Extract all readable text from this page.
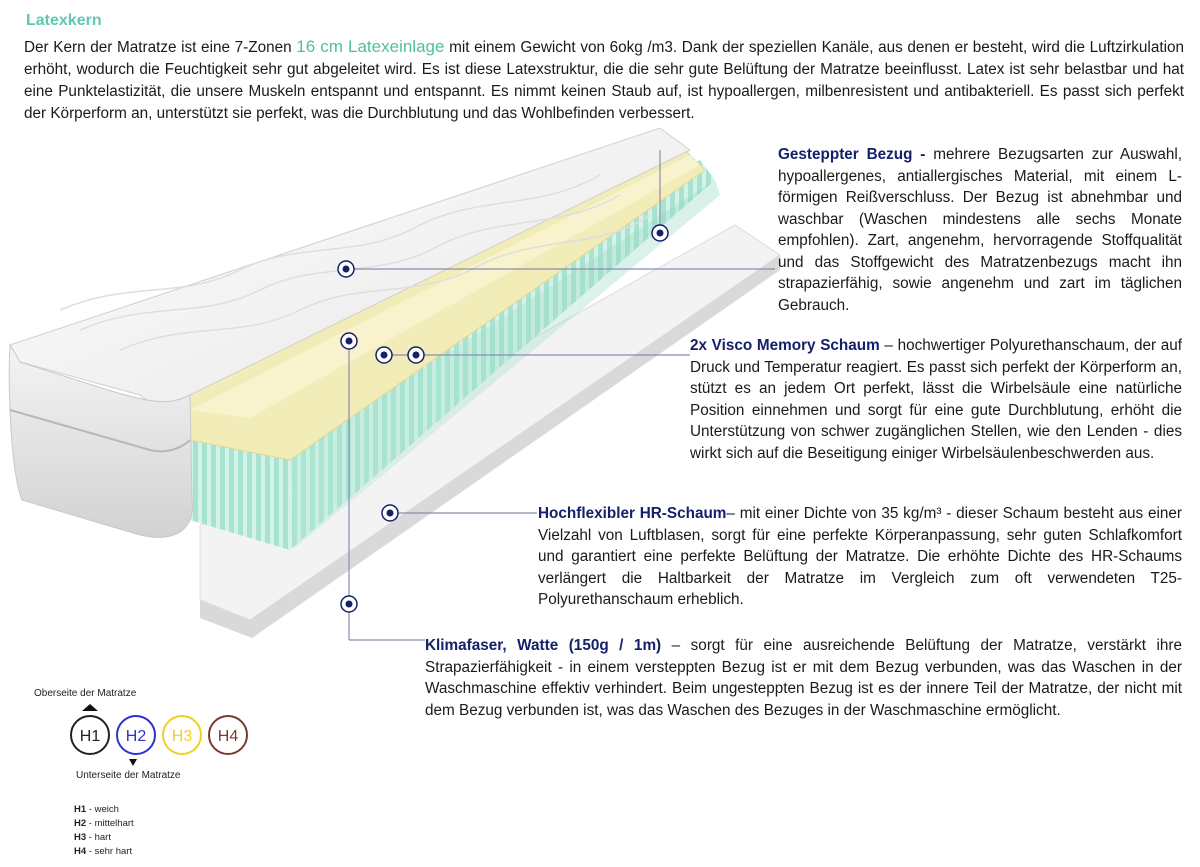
Latexkern

Der Kern der Matratze ist eine 7-Zonen 16 cm Latexeinlage mit einem Gewicht von 6okg /m3. Dank der speziellen Kanäle, aus denen er besteht, wird die Luftzirkulation erhöht, wodurch die Feuchtigkeit sehr gut abgeleitet wird. Es ist diese Latexstruktur, die die sehr gute Belüftung der Matratze beeinflusst. Latex ist sehr belastbar und hat eine Punktelastizität, die unsere Muskeln entspannt und entspannt. Es nimmt keinen Staub auf, ist hypoallergen, milbenresistent und antibakteriell. Es passt sich perfekt der Körperform an, unterstützt sie perfekt, was die Durchblutung und das Wohlbefinden verbessert.

Gesteppter Bezug - mehrere Bezugsarten zur Auswahl, hypoallergenes, antiallergisches Material, mit einem L-förmigen Reißverschluss. Der Bezug ist abnehmbar und waschbar (Waschen mindestens alle sechs Monate empfohlen). Zart, angenehm, hervorragende Stoffqualität und das Stoffgewicht des Matratzenbezugs macht ihn strapazierfähig, sowie angenehm und zart im täglichen Gebrauch.

2x Visco Memory Schaum – hochwertiger Polyurethanschaum, der auf Druck und Temperatur reagiert. Es passt sich perfekt der Körperform an, stützt es an jedem Ort perfekt, lässt die Wirbelsäule eine natürliche Position einnehmen und sorgt für eine gute Durchblutung, erhöht die Unterstützung von schwer zugänglichen Stellen, wie den Lenden - dies wirkt sich auf die Beseitigung einiger Wirbelsäulenbeschwerden aus.

Hochflexibler HR-Schaum– mit einer Dichte von 35 kg/m³ - dieser Schaum besteht aus einer Vielzahl von Luftblasen, sorgt für eine perfekte Körperanpassung, sehr guten Schlafkomfort und garantiert eine perfekte Belüftung der Matratze. Die erhöhte Dichte des HR-Schaums verlängert die Haltbarkeit der Matratze im Vergleich zum oft verwendeten T25-Polyurethanschaum erheblich.

Klimafaser, Watte (150g / 1m) – sorgt für eine ausreichende Belüftung der Matratze, verstärkt ihre Strapazierfähigkeit - in einem versteppten Bezug ist er mit dem Bezug verbunden, was das Waschen in der Waschmaschine effektiv verhindert. Beim ungesteppten Bezug ist es der innere Teil der Matratze, der nicht mit dem Bezug verbunden ist, was das Waschen des Bezuges in der Waschmaschine ermöglicht.

Oberseite der Matratze
Unterseite der Matratze
H1 H2 H3 H4
H1 - weich
H2 - mittelhart
H3 - hart
H4 - sehr hart
